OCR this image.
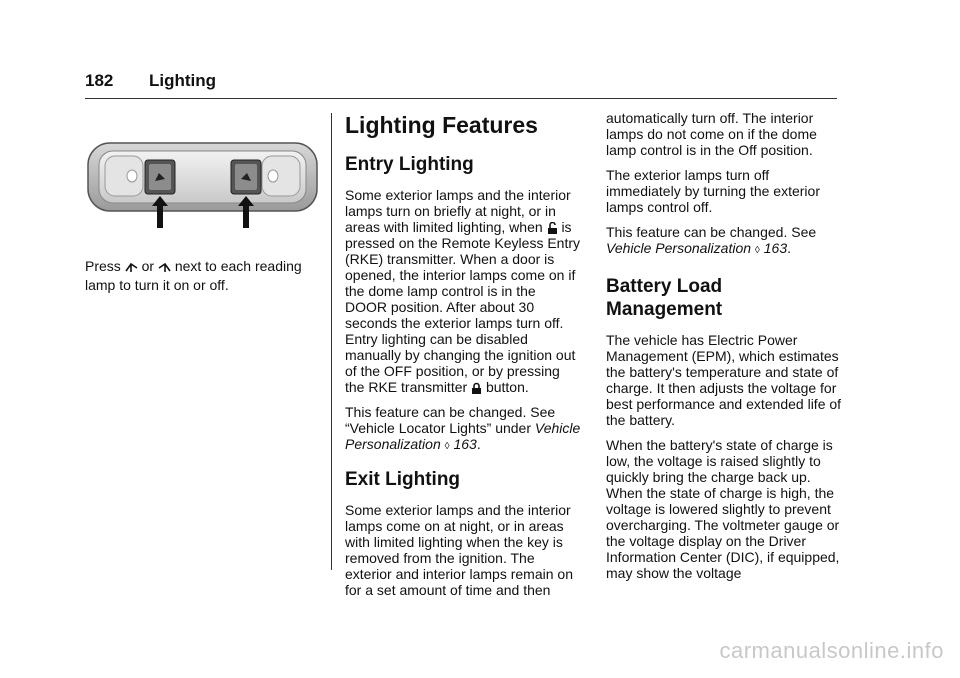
182 Lighting

Press or next to each reading lamp to turn it on or off.

Lighting Features
Entry Lighting

Some exterior lamps and the interior lamps turn on briefly at night, or in areas with limited lighting, when is pressed on the Remote Keyless Entry (RKE) transmitter. When a door is opened, the interior lamps come on if the dome lamp control is in the DOOR position. After about 30 seconds the exterior lamps turn off. Entry lighting can be disabled manually by changing the ignition out of the OFF position, or by pressing the RKE transmitter button.

This feature can be changed. See “Vehicle Locator Lights” under Vehicle Personalization ◊ 163.

Exit Lighting

Some exterior lamps and the interior lamps come on at night, or in areas with limited lighting when the key is removed from the ignition. The exterior and interior lamps remain on for a set amount of time and then

automatically turn off. The interior lamps do not come on if the dome lamp control is in the Off position.

The exterior lamps turn off immediately by turning the exterior lamps control off.

This feature can be changed. See Vehicle Personalization ◊ 163.

Battery Load Management

The vehicle has Electric Power Management (EPM), which estimates the battery's temperature and state of charge. It then adjusts the voltage for best performance and extended life of the battery.

When the battery's state of charge is low, the voltage is raised slightly to quickly bring the charge back up. When the state of charge is high, the voltage is lowered slightly to prevent overcharging. The voltmeter gauge or the voltage display on the Driver Information Center (DIC), if equipped, may show the voltage

carmanualsonline.info
